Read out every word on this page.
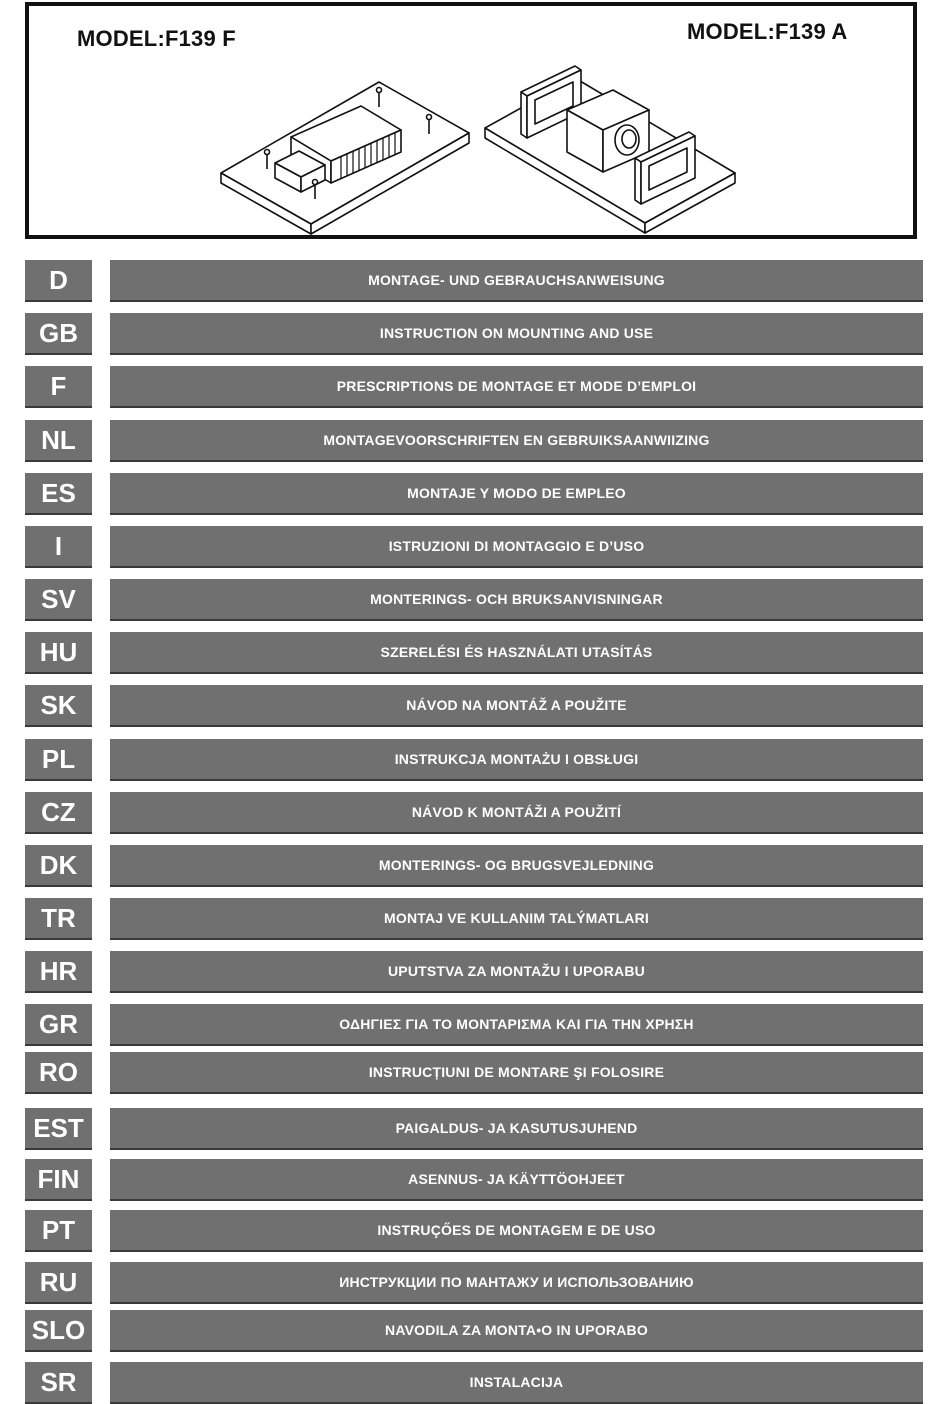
MODEL:F139 F	MODEL:F139 A
D	MONTAGE- UND GEBRAUCHSANWEISUNG
GB	INSTRUCTION ON MOUNTING AND USE
F	PRESCRIPTIONS DE MONTAGE ET MODE D’EMPLOI
NL	MONTAGEVOORSCHRIFTEN EN GEBRUIKSAANWIIZING
ES	MONTAJE Y MODO DE EMPLEO
I	ISTRUZIONI DI MONTAGGIO E D’USO
SV	MONTERINGS- OCH BRUKSANVISNINGAR
HU	SZERELÉSI ÉS HASZNÁLATI UTASÍTÁS
SK	NÁVOD NA MONTÁŽ A POUŽITE
PL	INSTRUKCJA MONTAŻU I OBSŁUGI
CZ	NÁVOD K MONTÁŽI A POUŽITÍ
DK	MONTERINGS- OG BRUGSVEJLEDNING
TR	MONTAJ VE KULLANIM TALÝMATLARI
HR	UPUTSTVA ZA MONTAŽU I UPORABU
GR	ΟΔΗΓΙΕΣ ΓΙΑ ΤΟ ΜΟΝΤΑΡΙΣΜΑ ΚΑΙ ΓΙΑ ΤΗΝ ΧΡΗΣΗ
RO	INSTRUCȚIUNI DE MONTARE ŞI FOLOSIRE
EST	PAIGALDUS- JA KASUTUSJUHEND
FIN	ASENNUS- JA KÄYTTÖOHJEET
PT	INSTRUÇŐES DE MONTAGEM E DE USO
RU	ИНСТРУКЦИИ ПО МАНТАЖУ И ИСПОЛЬЗОВАНИЮ
SLO	NAVODILA ZA MONTA•O IN UPORABO
SR	INSTALACIJA
